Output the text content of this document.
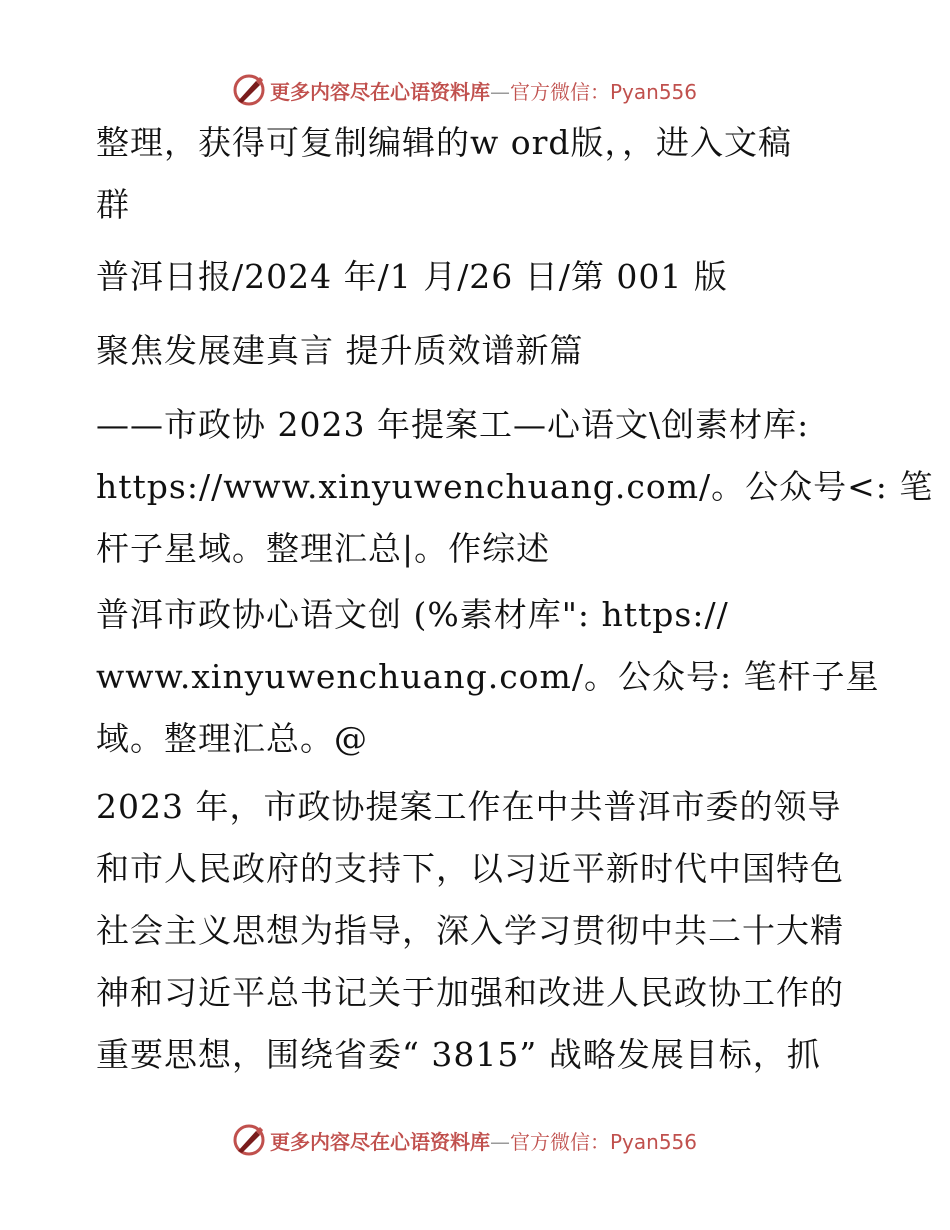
更多内容尽在心语资料库—官方微信：Pyan556
整理，获得可复制编辑的w ord版，，进入文稿
群
普洱日报/2024 年/1 月/26 日/第 001 版
聚焦发展建真言 提升质效谱新篇
——市政协 2023 年提案工—心语文\创素材库:
https://www.xinyuwenchuang.com/。公众号<: 笔
杆子星域。整理汇总|。作综述
普洱市政协心语文创 (%素材库": https://
www.xinyuwenchuang.com/。公众号: 笔杆子星
域。整理汇总。@
2023 年，市政协提案工作在中共普洱市委的领导
和市人民政府的支持下，以习近平新时代中国特色
社会主义思想为指导，深入学习贯彻中共二十大精
神和习近平总书记关于加强和改进人民政协工作的
重要思想，围绕省委“ 3815” 战略发展目标，抓
更多内容尽在心语资料库—官方微信：Pyan556
